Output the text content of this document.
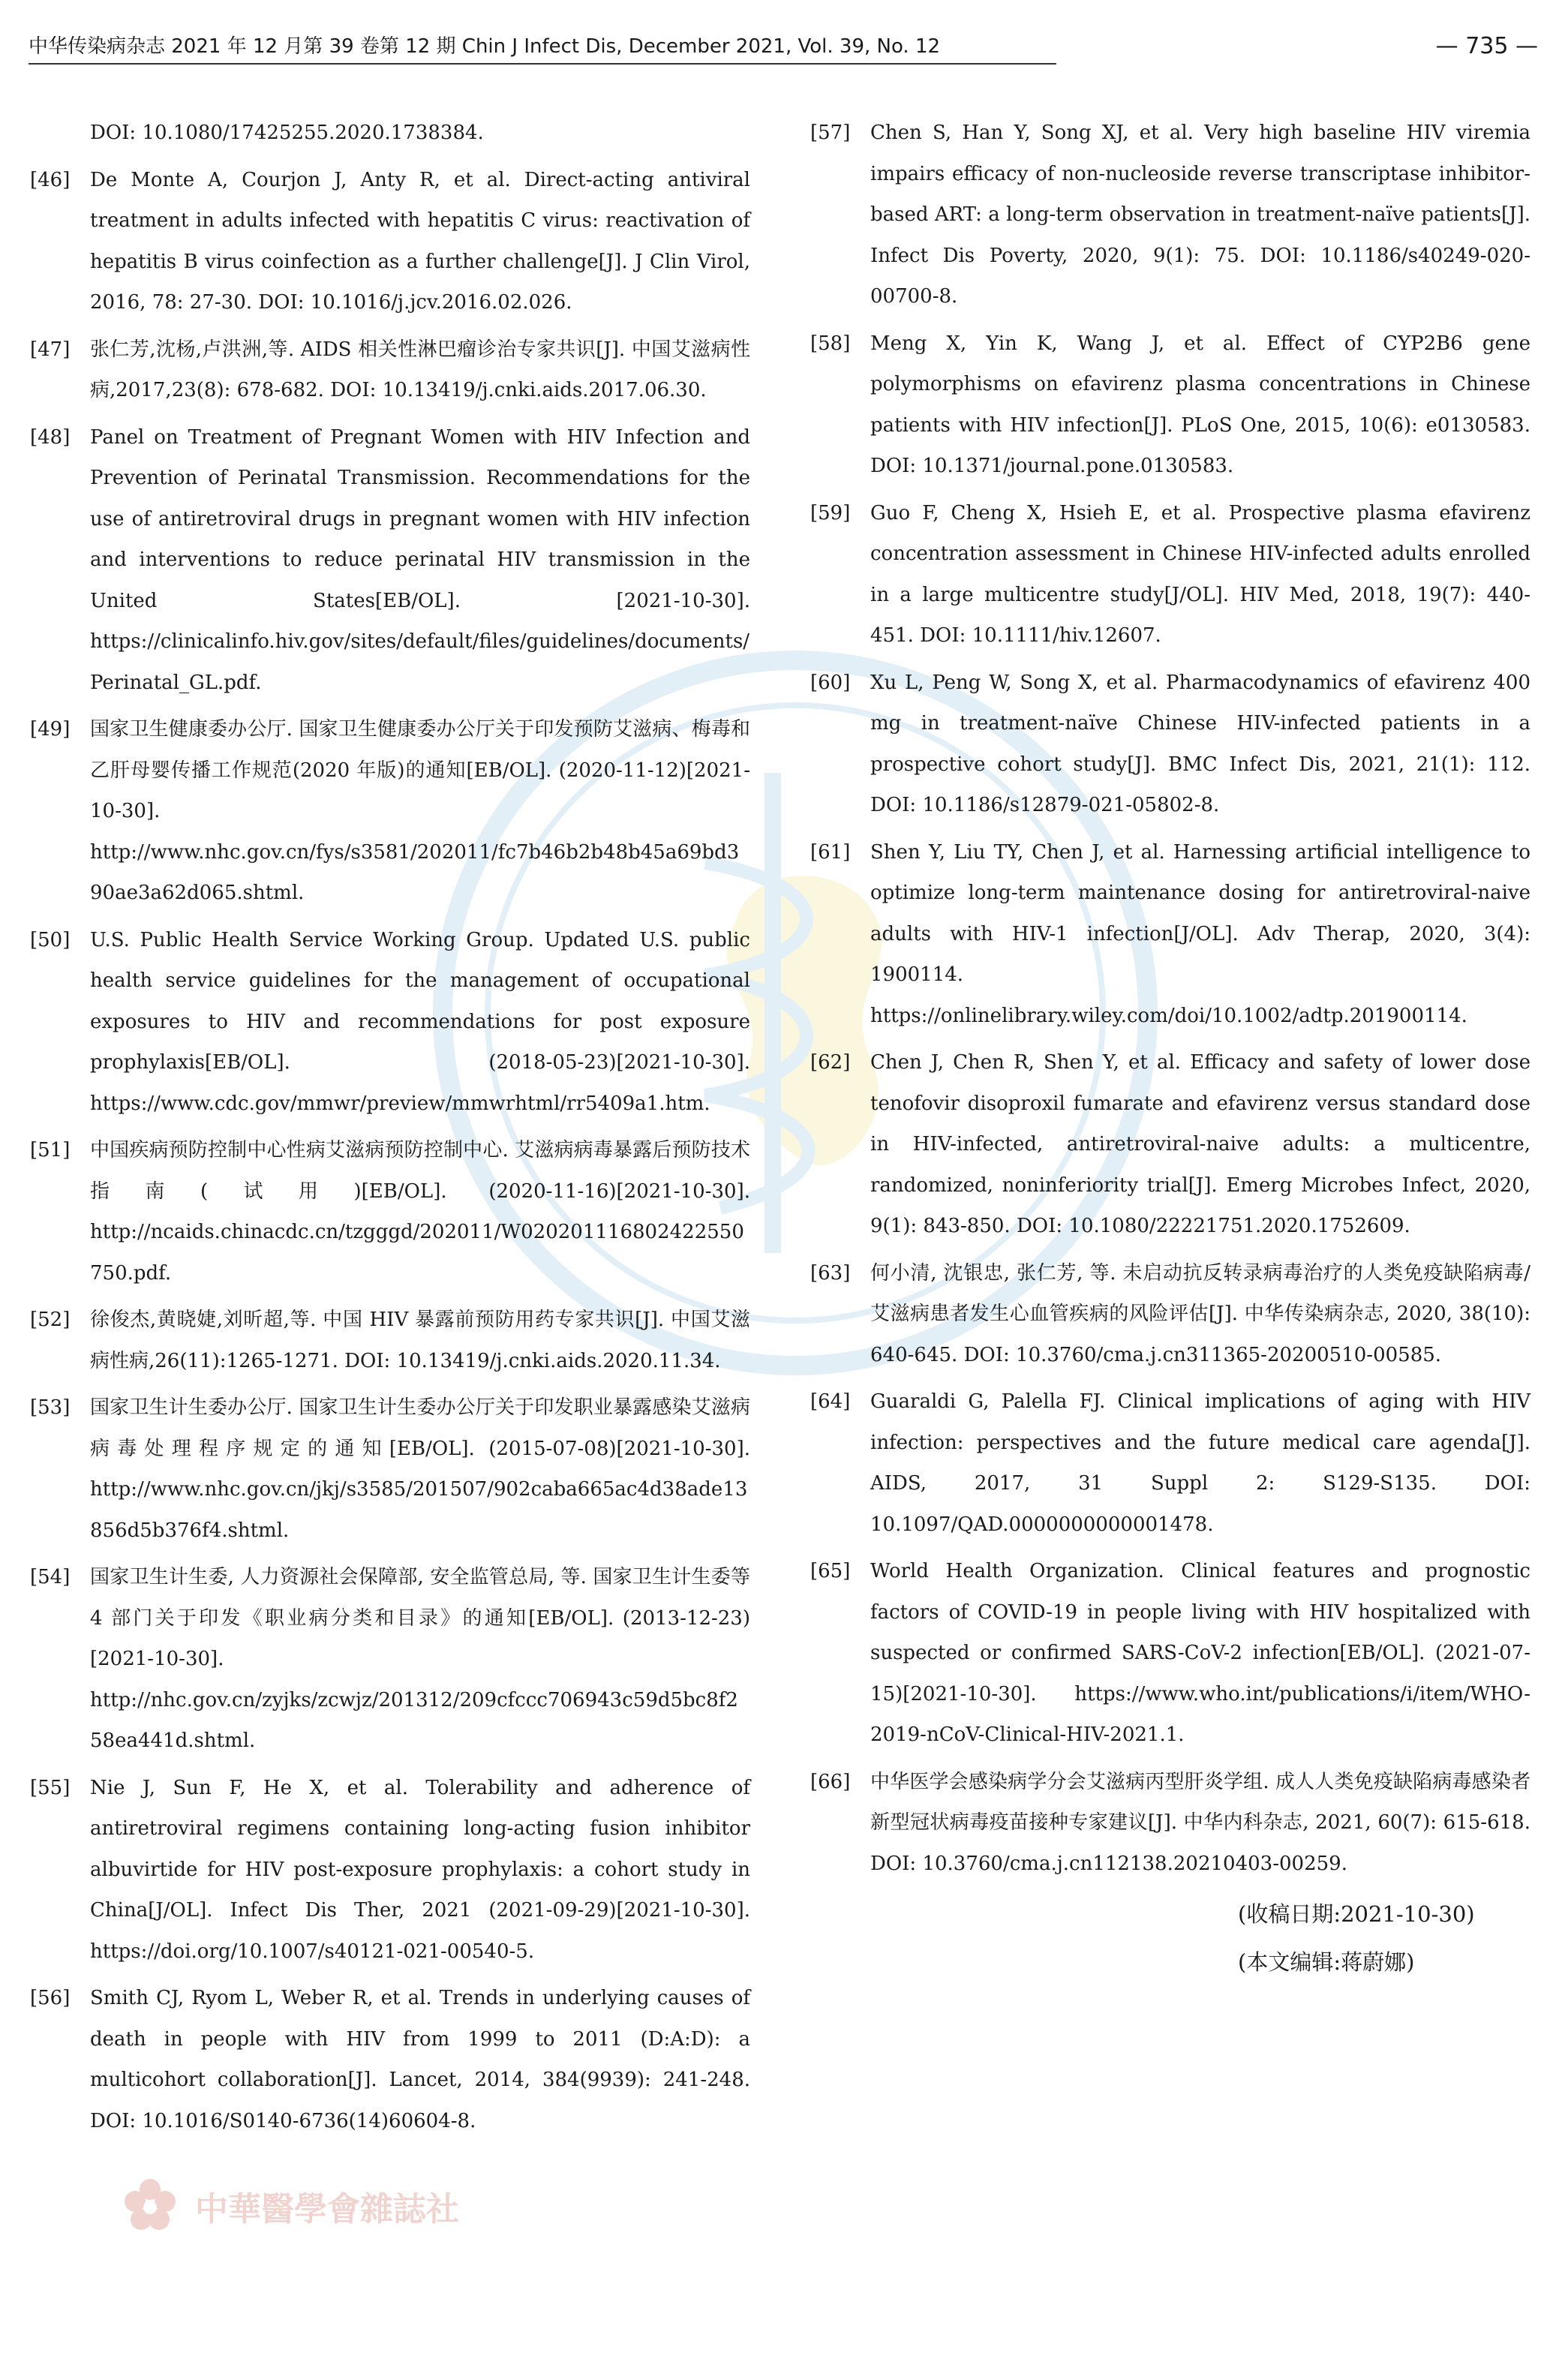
中华传染病杂志 2021 年 12 月第 39 卷第 12 期 Chin J Infect Dis, December 2021, Vol. 39, No. 12	— 735 —
DOI: 10.1080/17425255.2020.1738384.
[46]	De Monte A, Courjon J, Anty R, et al. Direct-acting antiviral treatment in adults infected with hepatitis C virus: reactivation of hepatitis B virus coinfection as a further challenge[J]. J Clin Virol, 2016, 78: 27-30. DOI: 10.1016/j.jcv.2016.02.026.
[47]	张仁芳,沈杨,卢洪洲,等. AIDS 相关性淋巴瘤诊治专家共识[J]. 中国艾滋病性病,2017,23(8): 678-682. DOI: 10.13419/j.cnki.aids.2017.06.30.
[48]	Panel on Treatment of Pregnant Women with HIV Infection and Prevention of Perinatal Transmission. Recommendations for the use of antiretroviral drugs in pregnant women with HIV infection and interventions to reduce perinatal HIV transmission in the United States[EB/OL]. [2021-10-30]. https://clinicalinfo.hiv.gov/sites/default/files/guidelines/documents/Perinatal_GL.pdf.
[49]	国家卫生健康委办公厅. 国家卫生健康委办公厅关于印发预防艾滋病、梅毒和乙肝母婴传播工作规范(2020 年版)的通知[EB/OL]. (2020-11-12)[2021-10-30]. http://www.nhc.gov.cn/fys/s3581/202011/fc7b46b2b48b45a69bd390ae3a62d065.shtml.
[50]	U.S. Public Health Service Working Group. Updated U.S. public health service guidelines for the management of occupational exposures to HIV and recommendations for post exposure prophylaxis[EB/OL]. (2018-05-23)[2021-10-30]. https://www.cdc.gov/mmwr/preview/mmwrhtml/rr5409a1.htm.
[51]	中国疾病预防控制中心性病艾滋病预防控制中心. 艾滋病病毒暴露后预防技术指南(试用)[EB/OL]. (2020-11-16)[2021-10-30]. http://ncaids.chinacdc.cn/tzgggd/202011/W020201116802422550750.pdf.
[52]	徐俊杰,黄晓婕,刘昕超,等. 中国 HIV 暴露前预防用药专家共识[J]. 中国艾滋病性病,26(11):1265-1271. DOI: 10.13419/j.cnki.aids.2020.11.34.
[53]	国家卫生计生委办公厅. 国家卫生计生委办公厅关于印发职业暴露感染艾滋病病毒处理程序规定的通知[EB/OL]. (2015-07-08)[2021-10-30]. http://www.nhc.gov.cn/jkj/s3585/201507/902caba665ac4d38ade13856d5b376f4.shtml.
[54]	国家卫生计生委, 人力资源社会保障部, 安全监管总局, 等. 国家卫生计生委等 4 部门关于印发《职业病分类和目录》的通知[EB/OL]. (2013-12-23)[2021-10-30]. http://nhc.gov.cn/zyjks/zcwjz/201312/209cfccc706943c59d5bc8f258ea441d.shtml.
[55]	Nie J, Sun F, He X, et al. Tolerability and adherence of antiretroviral regimens containing long-acting fusion inhibitor albuvirtide for HIV post-exposure prophylaxis: a cohort study in China[J/OL]. Infect Dis Ther, 2021 (2021-09-29)[2021-10-30]. https://doi.org/10.1007/s40121-021-00540-5.
[56]	Smith CJ, Ryom L, Weber R, et al. Trends in underlying causes of death in people with HIV from 1999 to 2011 (D:A:D): a multicohort collaboration[J]. Lancet, 2014, 384(9939): 241-248. DOI: 10.1016/S0140-6736(14)60604-8.
[57]	Chen S, Han Y, Song XJ, et al. Very high baseline HIV viremia impairs efficacy of non-nucleoside reverse transcriptase inhibitor-based ART: a long-term observation in treatment-naïve patients[J]. Infect Dis Poverty, 2020, 9(1): 75. DOI: 10.1186/s40249-020-00700-8.
[58]	Meng X, Yin K, Wang J, et al. Effect of CYP2B6 gene polymorphisms on efavirenz plasma concentrations in Chinese patients with HIV infection[J]. PLoS One, 2015, 10(6): e0130583. DOI: 10.1371/journal.pone.0130583.
[59]	Guo F, Cheng X, Hsieh E, et al. Prospective plasma efavirenz concentration assessment in Chinese HIV-infected adults enrolled in a large multicentre study[J/OL]. HIV Med, 2018, 19(7): 440-451. DOI: 10.1111/hiv.12607.
[60]	Xu L, Peng W, Song X, et al. Pharmacodynamics of efavirenz 400 mg in treatment-naïve Chinese HIV-infected patients in a prospective cohort study[J]. BMC Infect Dis, 2021, 21(1): 112. DOI: 10.1186/s12879-021-05802-8.
[61]	Shen Y, Liu TY, Chen J, et al. Harnessing artificial intelligence to optimize long-term maintenance dosing for antiretroviral-naive adults with HIV-1 infection[J/OL]. Adv Therap, 2020, 3(4): 1900114. https://onlinelibrary.wiley.com/doi/10.1002/adtp.201900114.
[62]	Chen J, Chen R, Shen Y, et al. Efficacy and safety of lower dose tenofovir disoproxil fumarate and efavirenz versus standard dose in HIV-infected, antiretroviral-naive adults: a multicentre, randomized, noninferiority trial[J]. Emerg Microbes Infect, 2020, 9(1): 843-850. DOI: 10.1080/22221751.2020.1752609.
[63]	何小清, 沈银忠, 张仁芳, 等. 未启动抗反转录病毒治疗的人类免疫缺陷病毒/艾滋病患者发生心血管疾病的风险评估[J]. 中华传染病杂志, 2020, 38(10): 640-645. DOI: 10.3760/cma.j.cn311365-20200510-00585.
[64]	Guaraldi G, Palella FJ. Clinical implications of aging with HIV infection: perspectives and the future medical care agenda[J]. AIDS, 2017, 31 Suppl 2: S129-S135. DOI: 10.1097/QAD.0000000000001478.
[65]	World Health Organization. Clinical features and prognostic factors of COVID-19 in people living with HIV hospitalized with suspected or confirmed SARS-CoV-2 infection[EB/OL]. (2021-07-15)[2021-10-30]. https://www.who.int/publications/i/item/WHO-2019-nCoV-Clinical-HIV-2021.1.
[66]	中华医学会感染病学分会艾滋病丙型肝炎学组. 成人人类免疫缺陷病毒感染者新型冠状病毒疫苗接种专家建议[J]. 中华内科杂志, 2021, 60(7): 615-618. DOI: 10.3760/cma.j.cn112138.20210403-00259.
(收稿日期:2021-10-30)
(本文编辑:蒋蔚娜)
中華醫學會雜誌社
